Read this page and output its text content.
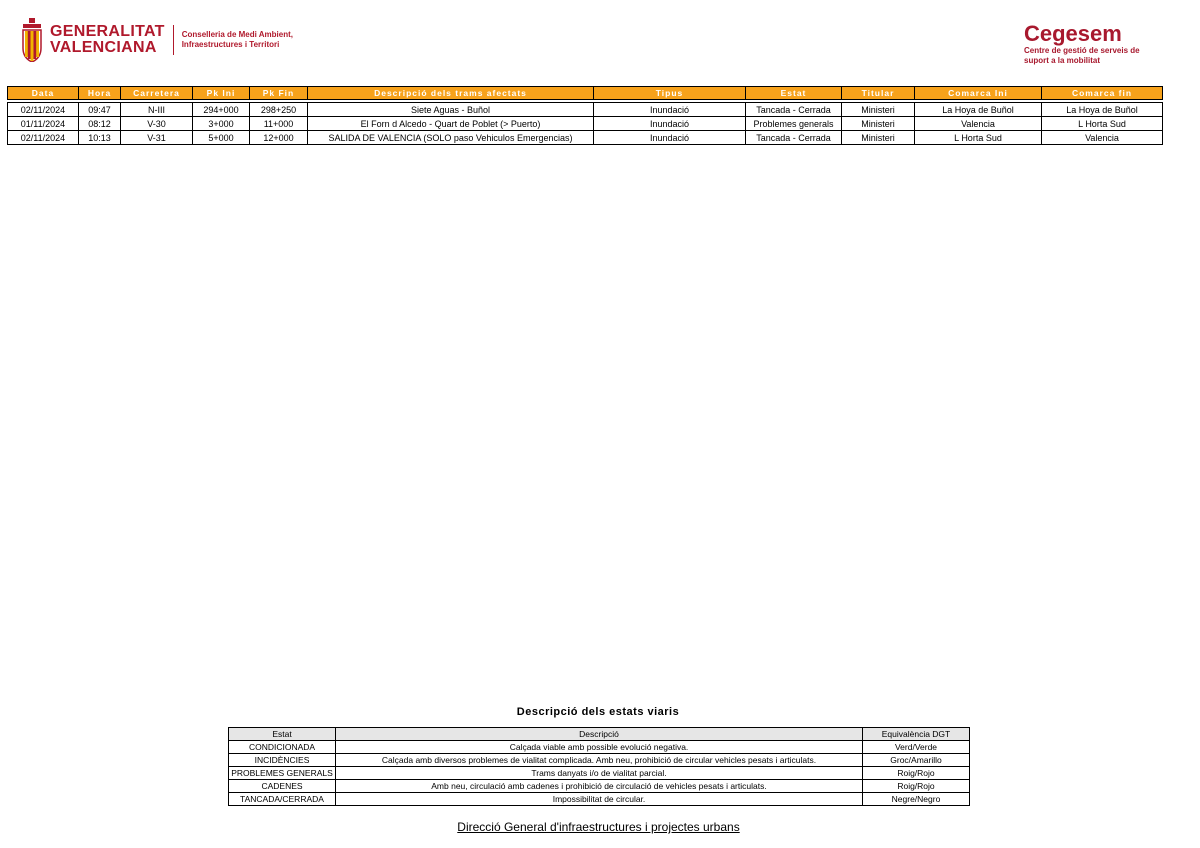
GENERALITAT
VALENCIANA
Conselleria de Medi Ambient,
Infraestructures i Territori	Cegesem
Centre de gestió de serveis de
suport a la mobilitat
Data	Hora	Carretera	Pk Ini	Pk Fin	Descripció dels trams afectats	Tipus	Estat	Titular	Comarca Ini	Comarca fin

02/11/2024	09:47	N-III	294+000	298+250	Siete Aguas - Buñol	Inundació	Tancada - Cerrada	Ministeri	La Hoya de Buñol	La Hoya de Buñol
01/11/2024	08:12	V-30	3+000	11+000	El Forn d Alcedo - Quart de Poblet (> Puerto)	Inundació	Problemes generals	Ministeri	Valencia	L Horta Sud
02/11/2024	10:13	V-31	5+000	12+000	SALIDA DE VALENCIA (SOLO paso Vehiculos Emergencias)	Inundació	Tancada - Cerrada	Ministeri	L Horta Sud	Valencia
Descripció dels estats viaris
Estat	Descripció	Equivalència DGT
CONDICIONADA	Calçada viable amb possible evolució negativa.	Verd/Verde
INCIDÈNCIES	Calçada amb diversos problemes de vialitat complicada. Amb neu, prohibició de circular vehicles pesats i articulats.	Groc/Amarillo
PROBLEMES GENERALS	Trams danyats i/o de vialitat parcial.	Roig/Rojo
CADENES	Amb neu, circulació amb cadenes i prohibició de circulació de vehicles pesats i articulats.	Roig/Rojo
TANCADA/CERRADA	Impossibilitat de circular.	Negre/Negro
Direcció General d'infraestructures i projectes urbans
